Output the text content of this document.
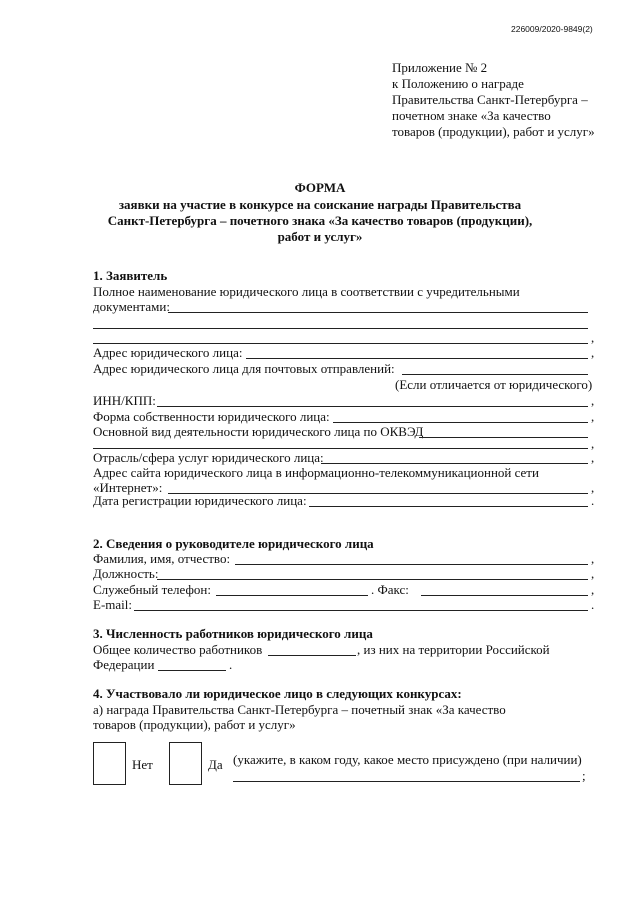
226009/2020-9849(2)
Приложение № 2
к Положению о награде
Правительства Санкт-Петербурга –
почетном знаке «За качество
товаров (продукции), работ и услуг»
ФОРМА
заявки на участие в конкурсе на соискание награды Правительства
Санкт-Петербурга – почетного знака «За качество товаров (продукции),
работ и услуг»
1. Заявитель
Полное наименование юридического лица в соответствии с учредительными
документами:
,
Адрес юридического лица:	,
Адрес юридического лица для почтовых отправлений:
(Если отличается от юридического)
ИНН/КПП:	,
Форма собственности юридического лица:	,
Основной вид деятельности юридического лица по ОКВЭД
,
Отрасль/сфера услуг юридического лица:	,
Адрес сайта юридического лица в информационно-телекоммуникационной сети
«Интернет»:	,
Дата регистрации юридического лица:	.
2. Сведения о руководителе юридического лица
Фамилия, имя, отчество:	,
Должность:	,
Служебный телефон:	. Факс:	,
E-mail:	.
3. Численность работников юридического лица
Общее количество работников	, из них на территории Российской
Федерации	.
4. Участвовало ли юридическое лицо в следующих конкурсах:
а) награда Правительства Санкт-Петербурга – почетный знак «За качество
товаров (продукции), работ и услуг»
Нет	Да (укажите, в каком году, какое место присуждено (при наличии)
;
